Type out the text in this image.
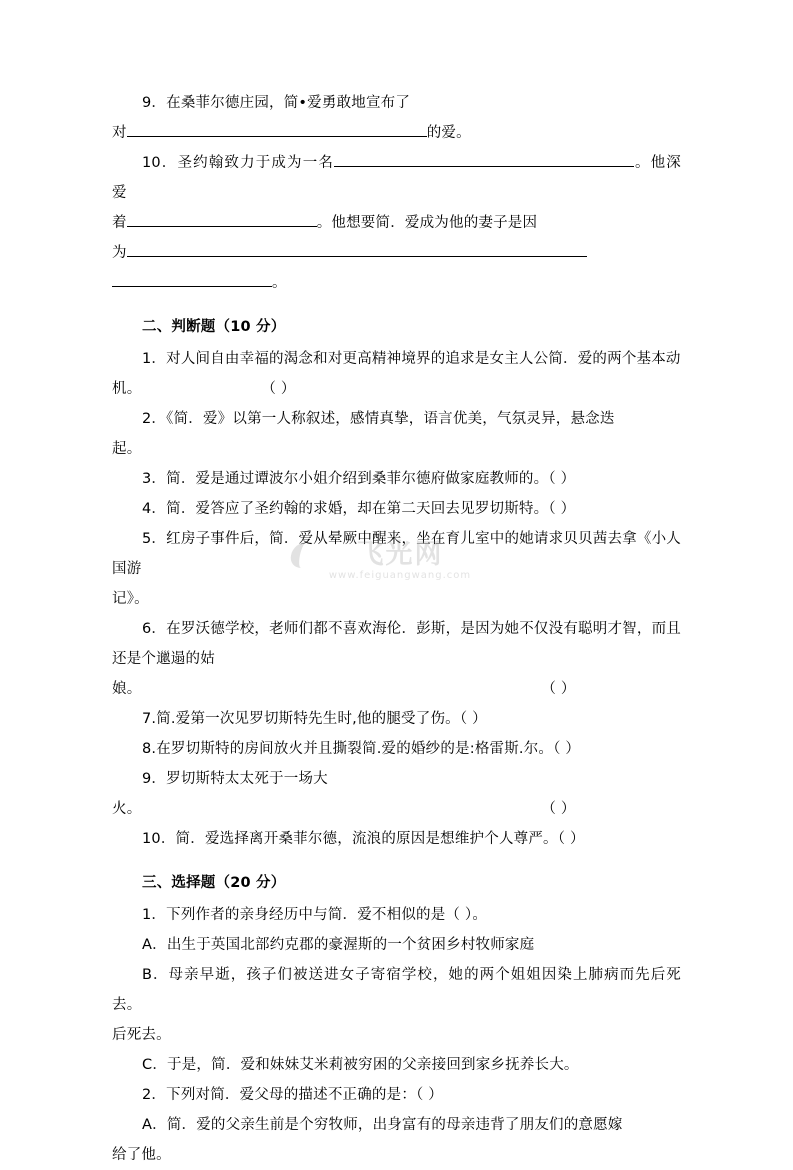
9．在桑菲尔德庄园，简•爱勇敢地宣布了

对	的爱。

10．圣约翰致力于成为一名	。他深爱

着	。他想要简．爱成为他的妻子是因

为

。

二、判断题（10 分）

1．对人间自由幸福的渴念和对更高精神境界的追求是女主人公简．爱的两个基本动

机。	（ ）

2．《简．爱》以第一人称叙述，感情真挚，语言优美，气氛灵异，悬念迭

起。

3．简．爱是通过谭波尔小姐介绍到桑菲尔德府做家庭教师的。（ ）

4．简．爱答应了圣约翰的求婚，却在第二天回去见罗切斯特。（ ）

5．红房子事件后，简．爱从晕厥中醒来，坐在育儿室中的她请求贝贝茜去拿《小人国游

记》。

6．在罗沃德学校，老师们都不喜欢海伦．彭斯，是因为她不仅没有聪明才智，而且还是个邋遢的姑

娘。	（ ）

7.简.爱第一次见罗切斯特先生时,他的腿受了伤。（ ）

8.在罗切斯特的房间放火并且撕裂简.爱的婚纱的是:格雷斯.尔。（ ）

9．罗切斯特太太死于一场大

火。	（ ）

10．简．爱选择离开桑菲尔德，流浪的原因是想维护个人尊严。（ ）

三、选择题（20 分）

1．下列作者的亲身经历中与简．爱不相似的是（ ）。

A．出生于英国北部约克郡的豪渥斯的一个贫困乡村牧师家庭

B．母亲早逝，孩子们被送进女子寄宿学校，她的两个姐姐因染上肺病而先后死去。

后死去。

C．于是，简．爱和妹妹艾米莉被穷困的父亲接回到家乡抚养长大。

2．下列对简．爱父母的描述不正确的是：（ ）

A．简．爱的父亲生前是个穷牧师，出身富有的母亲违背了朋友们的意愿嫁

给了他。

飞光网
www.feiguangwang.com
